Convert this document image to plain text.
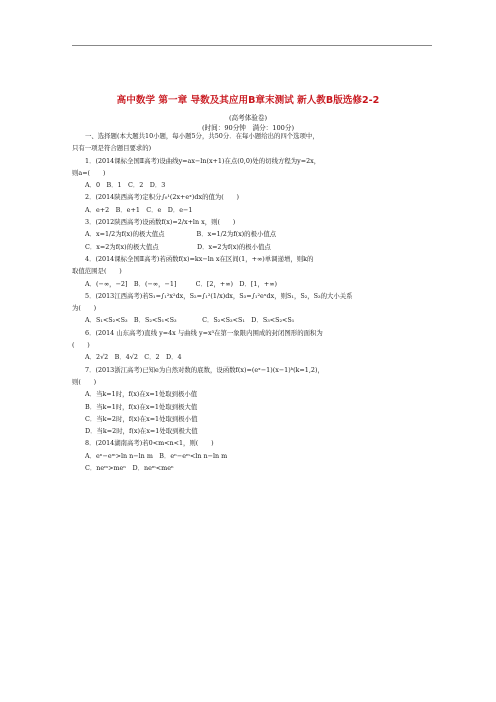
高中数学 第一章 导数及其应用B章末测试 新人教B版选修2-2
(高考体验卷)
(时间：90分钟　满分：100分)
一、选择题(本大题共10小题，每小题5分，共50分．在每小题给出的四个选项中，
只有一项是符合题目要求的)
1．(2014课标全国Ⅱ高考)设曲线y=ax−ln(x+1)在点(0,0)处的切线方程为y=2x，
则a=(　　)
A．0　B．1　C．2　D．3
2．(2014陕西高考)定积分∫₀¹(2x+eˣ)dx的值为(　　)
A．e+2　B．e+1　C．e　D．e−1
3．(2012陕西高考)设函数f(x)=2/x+ln x，则(　　)
A．x=1/2为f(x)的极大值点　　　　　B．x=1/2为f(x)的极小值点
C．x=2为f(x)的极大值点　　　　　　D．x=2为f(x)的极小值点
4．(2014课标全国Ⅱ高考)若函数f(x)=kx−ln x在区间(1，+∞)单调递增，则k的
取值范围是(　　)
A．(−∞，−2]　B．(−∞，−1]　　　C．[2，+∞)　D．[1，+∞)
5．(2013江西高考)若S₁=∫₁²x²dx，S₂=∫₁²(1/x)dx，S₃=∫₁²eˣdx，则S₁，S₂，S₃的大小关系
为(　　)
A．S₁<S₂<S₃　B．S₂<S₁<S₃　　　　C．S₂<S₃<S₁　D．S₃<S₂<S₁
6．(2014 山东高考)直线 y=4x 与曲线 y=x³在第一象限内围成的封闭图形的面积为
(　　)
A．2√2　B．4√2　C．2　D．4
7．(2013浙江高考)已知e为自然对数的底数，设函数f(x)=(eˣ−1)(x−1)ᵏ(k=1,2)，
则(　　)
A．当k=1时，f(x)在x=1处取到极小值
B．当k=1时，f(x)在x=1处取到极大值
C．当k=2时，f(x)在x=1处取到极小值
D．当k=2时，f(x)在x=1处取到极大值
8．(2014湖南高考)若0<m<n<1，则(　　)
A．eⁿ−eᵐ>ln n−ln m　B．eⁿ−eᵐ<ln n−ln m
C．neᵐ>meⁿ　D．neᵐ<meⁿ
